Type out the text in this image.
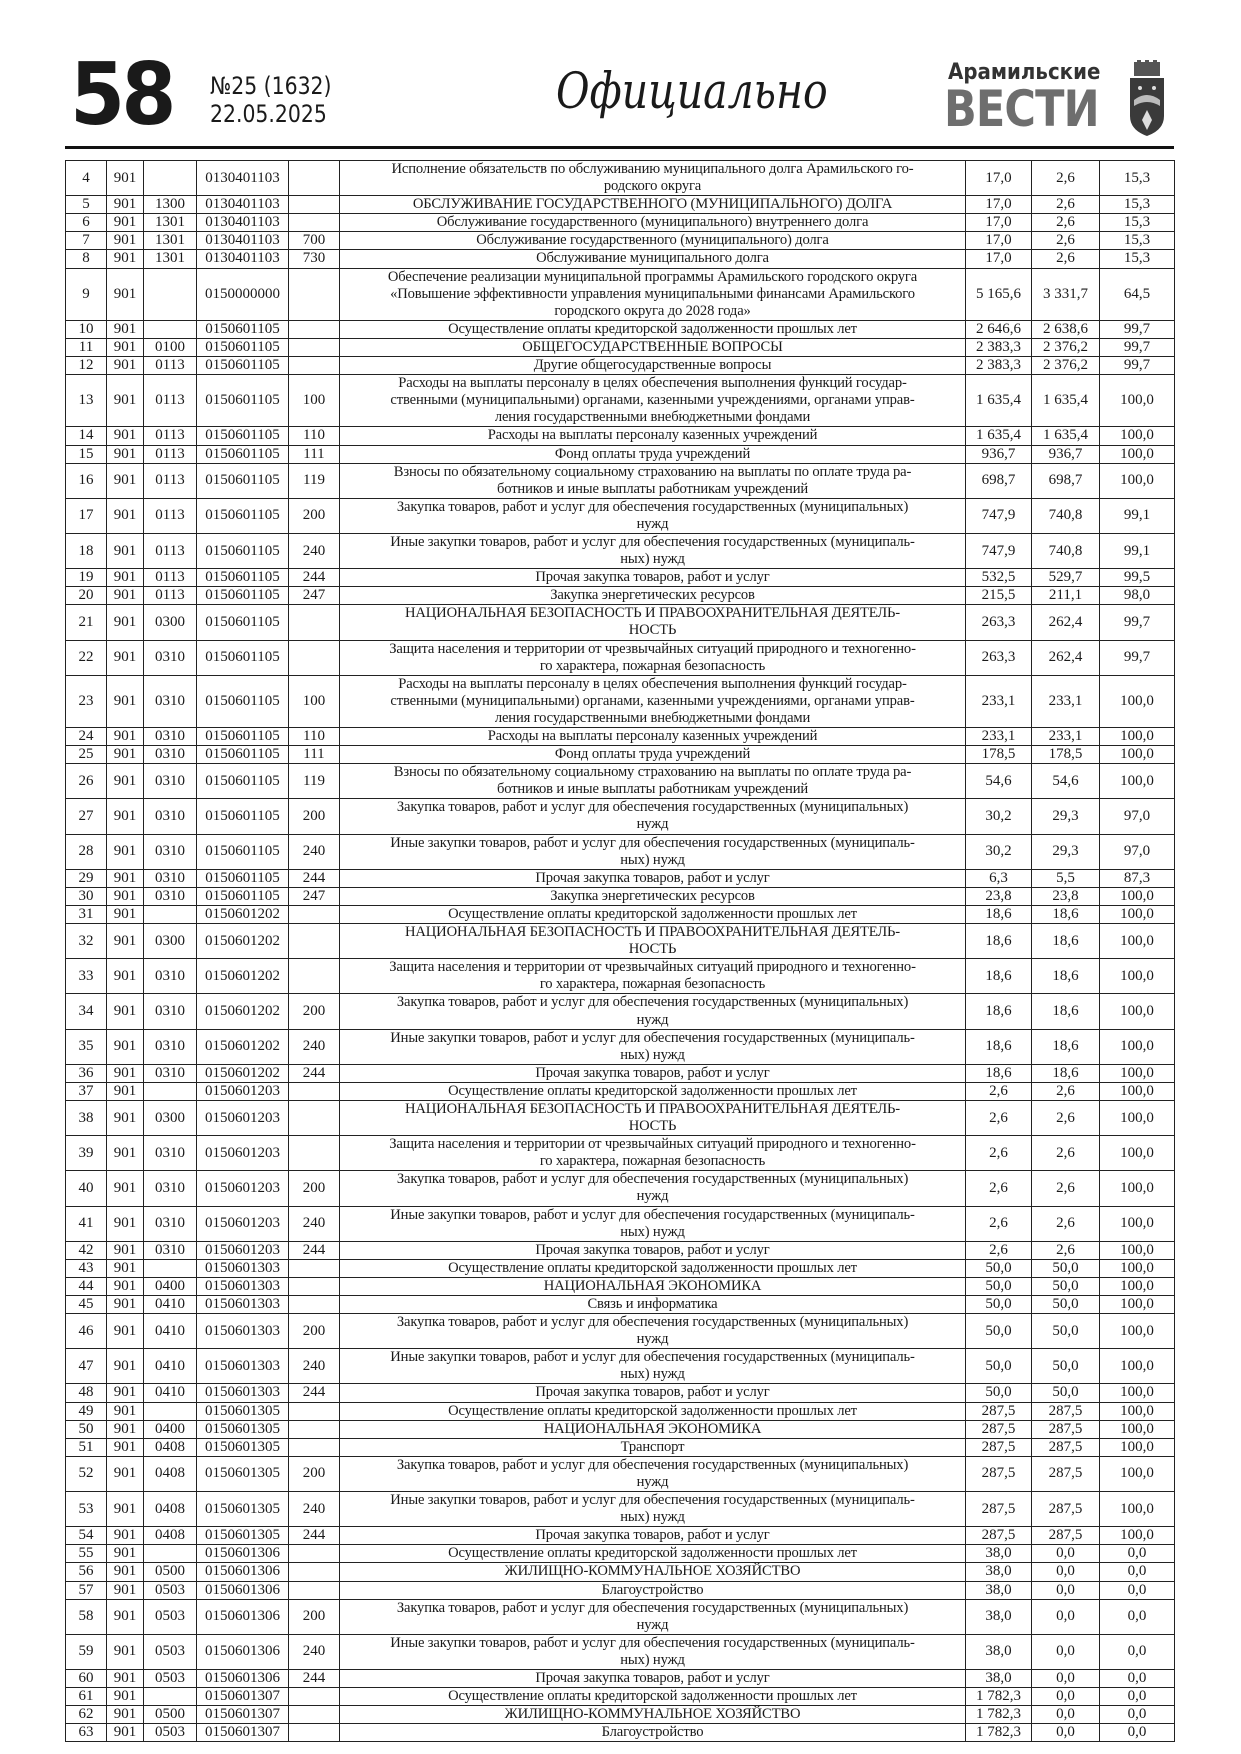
58 №25 (1632)
22.05.2025	Официально	Арамильские
ВЕСТИ
4	901		0130401103		Исполнение обязательств по обслуживанию муниципального долга Арамильского го-
родского округа	17,0	2,6	15,3
5	901	1300	0130401103		ОБСЛУЖИВАНИЕ ГОСУДАРСТВЕННОГО (МУНИЦИПАЛЬНОГО) ДОЛГА	17,0	2,6	15,3
6	901	1301	0130401103		Обслуживание государственного (муниципального) внутреннего долга	17,0	2,6	15,3
7	901	1301	0130401103	700	Обслуживание государственного (муниципального) долга	17,0	2,6	15,3
8	901	1301	0130401103	730	Обслуживание муниципального долга	17,0	2,6	15,3
9	901		0150000000		Обеспечение реализации муниципальной программы Арамильского городского округа
«Повышение эффективности управления муниципальными финансами Арамильского
городского округа до 2028 года»	5 165,6	3 331,7	64,5
10	901		0150601105		Осуществление оплаты кредиторской задолженности прошлых лет	2 646,6	2 638,6	99,7
11	901	0100	0150601105		ОБЩЕГОСУДАРСТВЕННЫЕ ВОПРОСЫ	2 383,3	2 376,2	99,7
12	901	0113	0150601105		Другие общегосударственные вопросы	2 383,3	2 376,2	99,7
13	901	0113	0150601105	100	Расходы на выплаты персоналу в целях обеспечения выполнения функций государ-
ственными (муниципальными) органами, казенными учреждениями, органами управ-
ления государственными внебюджетными фондами	1 635,4	1 635,4	100,0
14	901	0113	0150601105	110	Расходы на выплаты персоналу казенных учреждений	1 635,4	1 635,4	100,0
15	901	0113	0150601105	111	Фонд оплаты труда учреждений	936,7	936,7	100,0
16	901	0113	0150601105	119	Взносы по обязательному социальному страхованию на выплаты по оплате труда ра-
ботников и иные выплаты работникам учреждений	698,7	698,7	100,0
17	901	0113	0150601105	200	Закупка товаров, работ и услуг для обеспечения государственных (муниципальных)
нужд	747,9	740,8	99,1
18	901	0113	0150601105	240	Иные закупки товаров, работ и услуг для обеспечения государственных (муниципаль-
ных) нужд	747,9	740,8	99,1
19	901	0113	0150601105	244	Прочая закупка товаров, работ и услуг	532,5	529,7	99,5
20	901	0113	0150601105	247	Закупка энергетических ресурсов	215,5	211,1	98,0
21	901	0300	0150601105		НАЦИОНАЛЬНАЯ БЕЗОПАСНОСТЬ И ПРАВООХРАНИТЕЛЬНАЯ ДЕЯТЕЛЬ-
НОСТЬ	263,3	262,4	99,7
22	901	0310	0150601105		Защита населения и территории от чрезвычайных ситуаций природного и техногенно-
го характера, пожарная безопасность	263,3	262,4	99,7
23	901	0310	0150601105	100	Расходы на выплаты персоналу в целях обеспечения выполнения функций государ-
ственными (муниципальными) органами, казенными учреждениями, органами управ-
ления государственными внебюджетными фондами	233,1	233,1	100,0
24	901	0310	0150601105	110	Расходы на выплаты персоналу казенных учреждений	233,1	233,1	100,0
25	901	0310	0150601105	111	Фонд оплаты труда учреждений	178,5	178,5	100,0
26	901	0310	0150601105	119	Взносы по обязательному социальному страхованию на выплаты по оплате труда ра-
ботников и иные выплаты работникам учреждений	54,6	54,6	100,0
27	901	0310	0150601105	200	Закупка товаров, работ и услуг для обеспечения государственных (муниципальных)
нужд	30,2	29,3	97,0
28	901	0310	0150601105	240	Иные закупки товаров, работ и услуг для обеспечения государственных (муниципаль-
ных) нужд	30,2	29,3	97,0
29	901	0310	0150601105	244	Прочая закупка товаров, работ и услуг	6,3	5,5	87,3
30	901	0310	0150601105	247	Закупка энергетических ресурсов	23,8	23,8	100,0
31	901		0150601202		Осуществление оплаты кредиторской задолженности прошлых лет	18,6	18,6	100,0
32	901	0300	0150601202		НАЦИОНАЛЬНАЯ БЕЗОПАСНОСТЬ И ПРАВООХРАНИТЕЛЬНАЯ ДЕЯТЕЛЬ-
НОСТЬ	18,6	18,6	100,0
33	901	0310	0150601202		Защита населения и территории от чрезвычайных ситуаций природного и техногенно-
го характера, пожарная безопасность	18,6	18,6	100,0
34	901	0310	0150601202	200	Закупка товаров, работ и услуг для обеспечения государственных (муниципальных)
нужд	18,6	18,6	100,0
35	901	0310	0150601202	240	Иные закупки товаров, работ и услуг для обеспечения государственных (муниципаль-
ных) нужд	18,6	18,6	100,0
36	901	0310	0150601202	244	Прочая закупка товаров, работ и услуг	18,6	18,6	100,0
37	901		0150601203		Осуществление оплаты кредиторской задолженности прошлых лет	2,6	2,6	100,0
38	901	0300	0150601203		НАЦИОНАЛЬНАЯ БЕЗОПАСНОСТЬ И ПРАВООХРАНИТЕЛЬНАЯ ДЕЯТЕЛЬ-
НОСТЬ	2,6	2,6	100,0
39	901	0310	0150601203		Защита населения и территории от чрезвычайных ситуаций природного и техногенно-
го характера, пожарная безопасность	2,6	2,6	100,0
40	901	0310	0150601203	200	Закупка товаров, работ и услуг для обеспечения государственных (муниципальных)
нужд	2,6	2,6	100,0
41	901	0310	0150601203	240	Иные закупки товаров, работ и услуг для обеспечения государственных (муниципаль-
ных) нужд	2,6	2,6	100,0
42	901	0310	0150601203	244	Прочая закупка товаров, работ и услуг	2,6	2,6	100,0
43	901		0150601303		Осуществление оплаты кредиторской задолженности прошлых лет	50,0	50,0	100,0
44	901	0400	0150601303		НАЦИОНАЛЬНАЯ ЭКОНОМИКА	50,0	50,0	100,0
45	901	0410	0150601303		Связь и информатика	50,0	50,0	100,0
46	901	0410	0150601303	200	Закупка товаров, работ и услуг для обеспечения государственных (муниципальных)
нужд	50,0	50,0	100,0
47	901	0410	0150601303	240	Иные закупки товаров, работ и услуг для обеспечения государственных (муниципаль-
ных) нужд	50,0	50,0	100,0
48	901	0410	0150601303	244	Прочая закупка товаров, работ и услуг	50,0	50,0	100,0
49	901		0150601305		Осуществление оплаты кредиторской задолженности прошлых лет	287,5	287,5	100,0
50	901	0400	0150601305		НАЦИОНАЛЬНАЯ ЭКОНОМИКА	287,5	287,5	100,0
51	901	0408	0150601305		Транспорт	287,5	287,5	100,0
52	901	0408	0150601305	200	Закупка товаров, работ и услуг для обеспечения государственных (муниципальных)
нужд	287,5	287,5	100,0
53	901	0408	0150601305	240	Иные закупки товаров, работ и услуг для обеспечения государственных (муниципаль-
ных) нужд	287,5	287,5	100,0
54	901	0408	0150601305	244	Прочая закупка товаров, работ и услуг	287,5	287,5	100,0
55	901		0150601306		Осуществление оплаты кредиторской задолженности прошлых лет	38,0	0,0	0,0
56	901	0500	0150601306		ЖИЛИЩНО-КОММУНАЛЬНОЕ ХОЗЯЙСТВО	38,0	0,0	0,0
57	901	0503	0150601306		Благоустройство	38,0	0,0	0,0
58	901	0503	0150601306	200	Закупка товаров, работ и услуг для обеспечения государственных (муниципальных)
нужд	38,0	0,0	0,0
59	901	0503	0150601306	240	Иные закупки товаров, работ и услуг для обеспечения государственных (муниципаль-
ных) нужд	38,0	0,0	0,0
60	901	0503	0150601306	244	Прочая закупка товаров, работ и услуг	38,0	0,0	0,0
61	901		0150601307		Осуществление оплаты кредиторской задолженности прошлых лет	1 782,3	0,0	0,0
62	901	0500	0150601307		ЖИЛИЩНО-КОММУНАЛЬНОЕ ХОЗЯЙСТВО	1 782,3	0,0	0,0
63	901	0503	0150601307		Благоустройство	1 782,3	0,0	0,0
